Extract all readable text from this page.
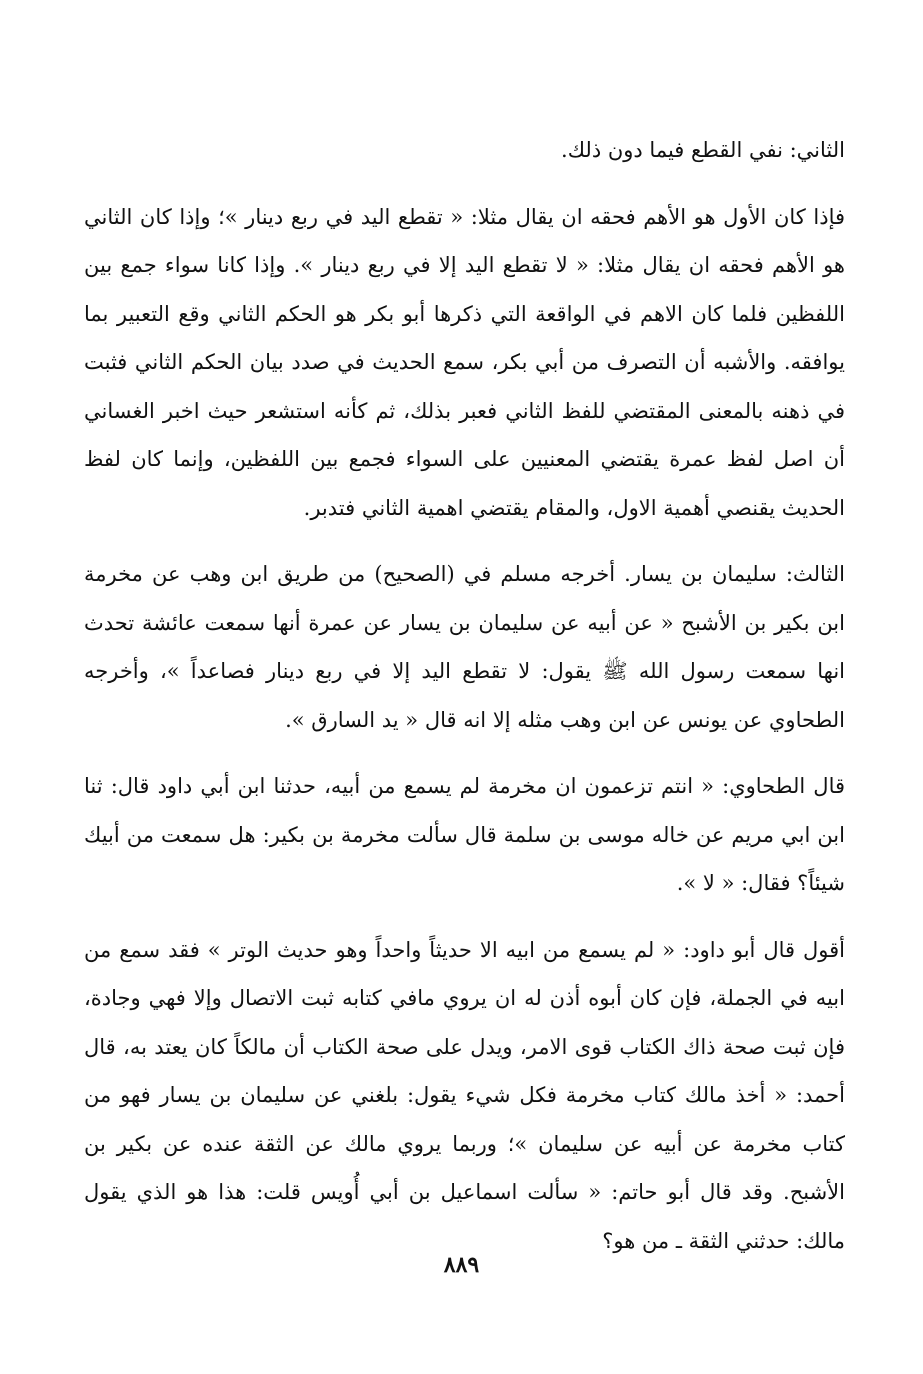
الثاني: نفي القطع فيما دون ذلك.

فإذا كان الأول هو الأهم فحقه ان يقال مثلا: « تقطع اليد في ربع دينار »؛ وإذا كان الثاني هو الأهم فحقه ان يقال مثلا: « لا تقطع اليد إلا في ربع دينار ». وإذا كانا سواء جمع بين اللفظين فلما كان الاهم في الواقعة التي ذكرها أبو بكر هو الحكم الثاني وقع التعبير بما يوافقه. والأشبه أن التصرف من أبي بكر، سمع الحديث في صدد بيان الحكم الثاني فثبت في ذهنه بالمعنى المقتضي للفظ الثاني فعبر بذلك، ثم كأنه استشعر حيث اخبر الغساني أن اصل لفظ عمرة يقتضي المعنيين على السواء فجمع بين اللفظين، وإنما كان لفظ الحديث يقنصي أهمية الاول، والمقام يقتضي اهمية الثاني فتدبر.

الثالث: سليمان بن يسار. أخرجه مسلم في (الصحيح) من طريق ابن وهب عن مخرمة ابن بكير بن الأشبح « عن أبيه عن سليمان بن يسار عن عمرة أنها سمعت عائشة تحدث انها سمعت رسول الله ﷺ يقول: لا تقطع اليد إلا في ربع دينار فصاعداً »، وأخرجه الطحاوي عن يونس عن ابن وهب مثله إلا انه قال « يد السارق ».

قال الطحاوي: « انتم تزعمون ان مخرمة لم يسمع من أبيه، حدثنا ابن أبي داود قال: ثنا ابن ابي مريم عن خاله موسى بن سلمة قال سألت مخرمة بن بكير: هل سمعت من أبيك شيئاً؟ فقال: « لا ».

أقول قال أبو داود: « لم يسمع من ابيه الا حديثاً واحداً وهو حديث الوتر » فقد سمع من ابيه في الجملة، فإن كان أبوه أذن له ان يروي مافي كتابه ثبت الاتصال وإلا فهي وجادة، فإن ثبت صحة ذاك الكتاب قوى الامر، ويدل على صحة الكتاب أن مالكاً كان يعتد به، قال أحمد: « أخذ مالك كتاب مخرمة فكل شيء يقول: بلغني عن سليمان بن يسار فهو من كتاب مخرمة عن أبيه عن سليمان »؛ وربما يروي مالك عن الثقة عنده عن بكير بن الأشبح. وقد قال أبو حاتم: « سألت اسماعيل بن أبي أُويس قلت: هذا هو الذي يقول مالك: حدثني الثقة ـ من هو؟

٨٨٩
